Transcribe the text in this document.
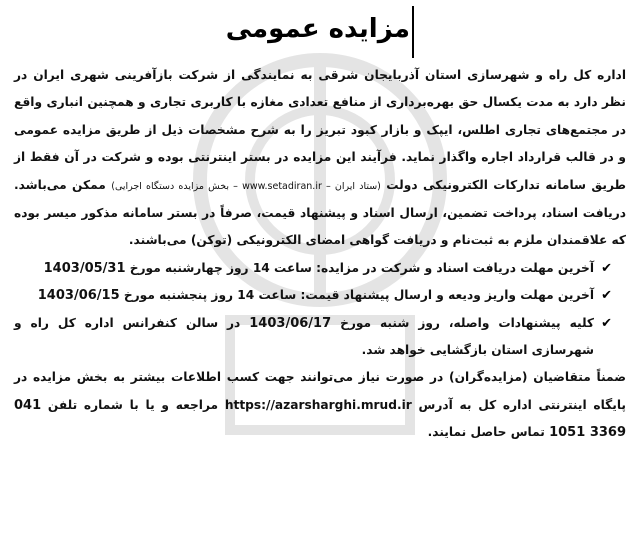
مزایده عمومی

اداره کل راه و شهرسازی استان آذربایجان شرقی به نمایندگی از شرکت بازآفرینی شهری ایران در نظر دارد به مدت یکسال حق بهره‌برداری از منافع تعدادی مغازه با کاربری تجاری و همچنین انباری واقع در مجتمع‌های تجاری اطلس، ایپک و بازار کبود تبریز را به شرح مشخصات ذیل از طریق مزایده عمومی و در قالب قرارداد اجاره واگذار نماید. فرآیند این مزایده در بستر اینترنتی بوده و شرکت در آن فقط از طریق سامانه تدارکات الکترونیکی دولت (ستاد ایران – www.setadiran.ir – بخش مزایده دستگاه اجرایی) ممکن می‌باشد. دریافت اسناد، پرداخت تضمین، ارسال اسناد و پیشنهاد قیمت، صرفاً در بستر سامانه مذکور میسر بوده که علاقمندان ملزم به ثبت‌نام و دریافت گواهی امضای الکترونیکی (توکن) می‌باشند.

✔
آخرین مهلت دریافت اسناد و شرکت در مزایده: ساعت 14 روز چهارشنبه مورخ 1403/05/31
✔
آخرین مهلت واریز ودیعه و ارسال پیشنهاد قیمت: ساعت 14 روز پنجشنبه مورخ 1403/06/15
✔
کلیه پیشنهادات واصله، روز شنبه مورخ 1403/06/17 در سالن کنفرانس اداره کل راه و شهرسازی استان بازگشایی خواهد شد.

ضمناً متقاضیان (مزایده‌گران) در صورت نیاز می‌توانند جهت کسب اطلاعات بیشتر به بخش مزایده در پایگاه اینترنتی اداره کل به آدرس https://azarsharghi.mrud.ir مراجعه و یا با شماره تلفن 041 3369 1051 تماس حاصل نمایند.
